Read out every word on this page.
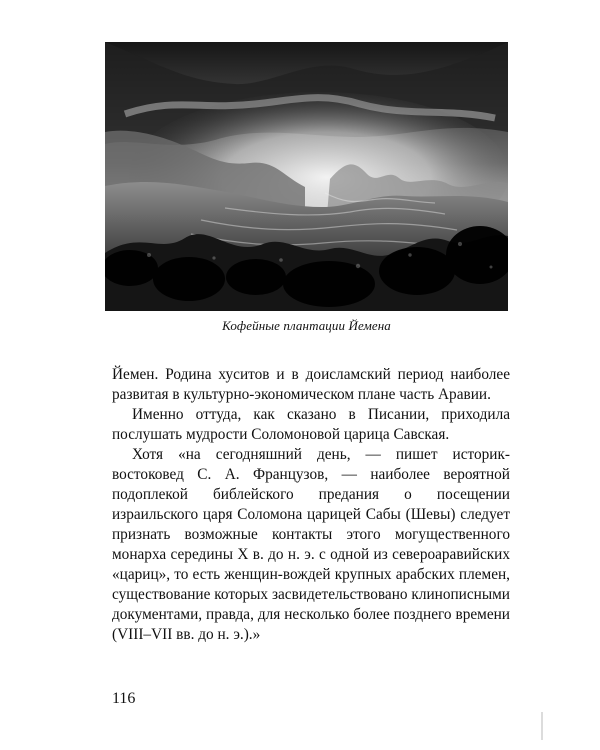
Кофейные плантации Йемена

Йемен. Родина хуситов и в доисламский период наиболее развитая в культурно-экономическом плане часть Аравии.

Именно оттуда, как сказано в Писании, приходила послушать мудрости Соломоновой царица Савская.

Хотя «на сегодняшний день, — пишет историк-востоковед С. А. Французов, — наиболее вероятной подоплекой библейского предания о посещении израильского царя Соломона царицей Сабы (Шевы) следует признать возможные контакты этого могущественного монарха середины X в. до н. э. с одной из североаравийских «цариц», то есть женщин-вождей крупных арабских племен, существование которых засвидетельствовано клинописными документами, правда, для несколько более позднего времени (VIII–VII вв. до н. э.).»

116
